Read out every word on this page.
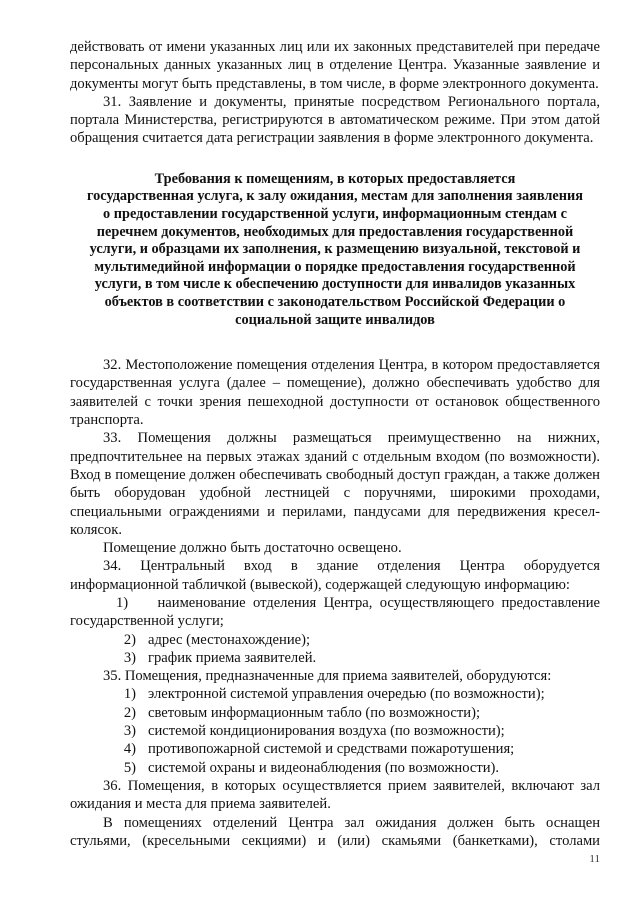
действовать от имени указанных лиц или их законных представителей при передаче персональных данных указанных лиц в отделение Центра. Указанные заявление и документы могут быть представлены, в том числе, в форме электронного документа.

31. Заявление и документы, принятые посредством Регионального портала, портала Министерства, регистрируются в автоматическом режиме. При этом датой обращения считается дата регистрации заявления в форме электронного документа.

Требования к помещениям, в которых предоставляется
государственная услуга, к залу ожидания, местам для заполнения заявления
о предоставлении государственной услуги, информационным стендам с
перечнем документов, необходимых для предоставления государственной
услуги, и образцами их заполнения, к размещению визуальной, текстовой и
мультимедийной информации о порядке предоставления государственной
услуги, в том числе к обеспечению доступности для инвалидов указанных
объектов в соответствии с законодательством Российской Федерации о
социальной защите инвалидов

32. Местоположение помещения отделения Центра, в котором предоставляется государственная услуга (далее – помещение), должно обеспечивать удобство для заявителей с точки зрения пешеходной доступности от остановок общественного транспорта.

33. Помещения должны размещаться преимущественно на нижних, предпочтительнее на первых этажах зданий с отдельным входом (по возможности). Вход в помещение должен обеспечивать свободный доступ граждан, а также должен быть оборудован удобной лестницей с поручнями, широкими проходами, специальными ограждениями и перилами, пандусами для передвижения кресел-колясок.

Помещение должно быть достаточно освещено.

34. Центральный вход в здание отделения Центра оборудуется информационной табличкой (вывеской), содержащей следующую информацию:

1) наименование отделения Центра, осуществляющего предоставление государственной услуги;
2) адрес (местонахождение);
3) график приема заявителей.

35. Помещения, предназначенные для приема заявителей, оборудуются:

1) электронной системой управления очередью (по возможности);
2) световым информационным табло (по возможности);
3) системой кондиционирования воздуха (по возможности);
4) противопожарной системой и средствами пожаротушения;
5) системой охраны и видеонаблюдения (по возможности).

36. Помещения, в которых осуществляется прием заявителей, включают зал ожидания и места для приема заявителей.

В помещениях отделений Центра зал ожидания должен быть оснащен стульями, (кресельными секциями) и (или) скамьями (банкетками), столами

11
